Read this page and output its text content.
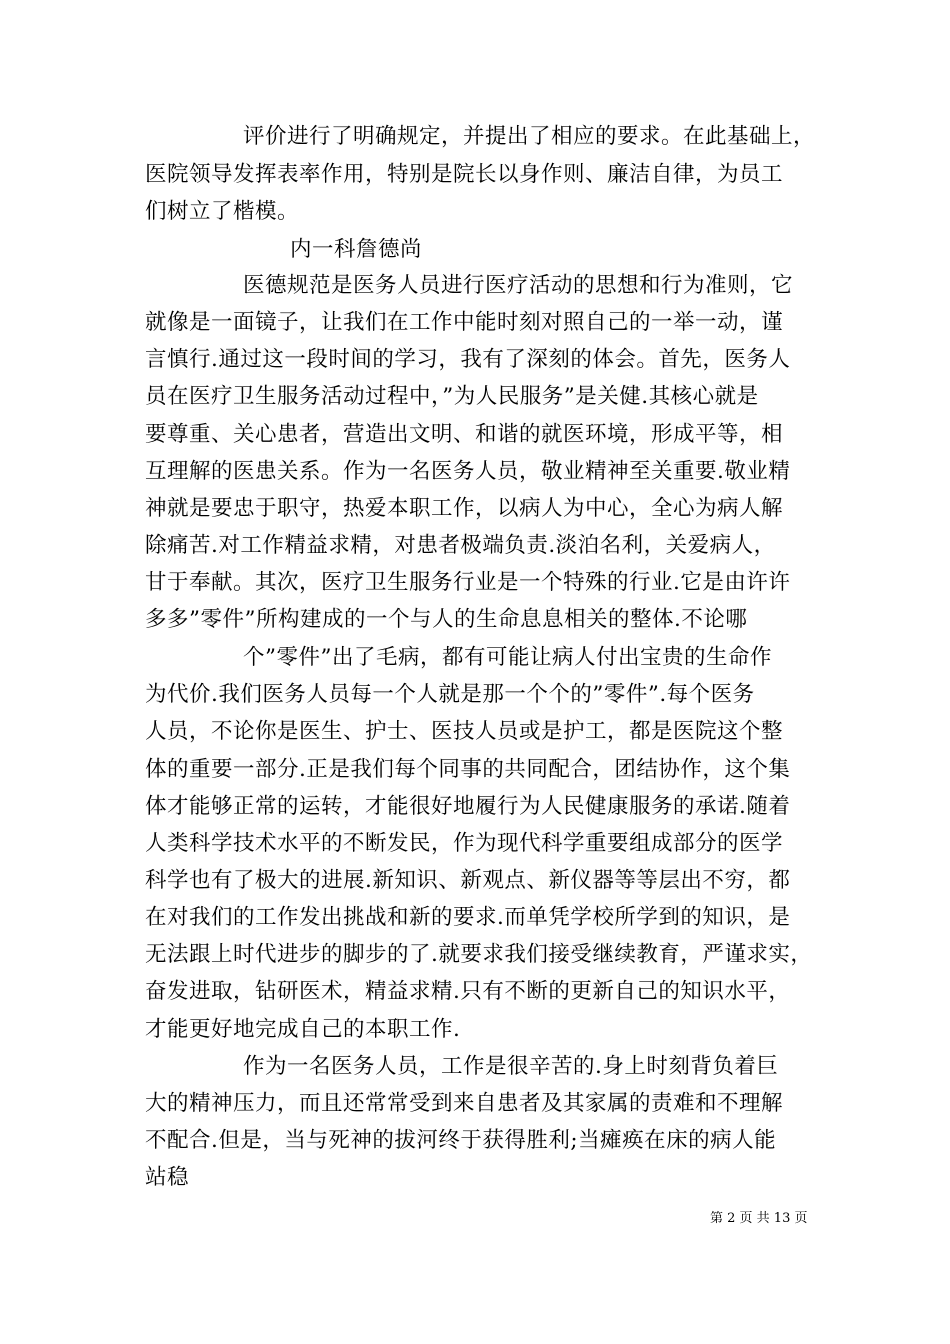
评价进行了明确规定，并提出了相应的要求。在此基础上，
医院领导发挥表率作用，特别是院长以身作则、廉洁自律，为员工
们树立了楷模。
内一科詹德尚
医德规范是医务人员进行医疗活动的思想和行为准则，它
就像是一面镜子，让我们在工作中能时刻对照自己的一举一动，谨
言慎行.通过这一段时间的学习，我有了深刻的体会。首先，医务人
员在医疗卫生服务活动过程中，”为人民服务”是关健.其核心就是
要尊重、关心患者，营造出文明、和谐的就医环境，形成平等，相
互理解的医患关系。作为一名医务人员，敬业精神至关重要.敬业精
神就是要忠于职守，热爱本职工作，以病人为中心，全心为病人解
除痛苦.对工作精益求精，对患者极端负责.淡泊名利，关爱病人，
甘于奉献。其次，医疗卫生服务行业是一个特殊的行业.它是由许许
多多”零件”所构建成的一个与人的生命息息相关的整体.不论哪
个”零件”出了毛病，都有可能让病人付出宝贵的生命作
为代价.我们医务人员每一个人就是那一个个的”零件”.每个医务
人员，不论你是医生、护士、医技人员或是护工，都是医院这个整
体的重要一部分.正是我们每个同事的共同配合，团结协作，这个集
体才能够正常的运转，才能很好地履行为人民健康服务的承诺.随着
人类科学技术水平的不断发民，作为现代科学重要组成部分的医学
科学也有了极大的进展.新知识、新观点、新仪器等等层出不穷，都
在对我们的工作发出挑战和新的要求.而单凭学校所学到的知识，是
无法跟上时代进步的脚步的了.就要求我们接受继续教育，严谨求实，
奋发进取，钻研医术，精益求精.只有不断的更新自己的知识水平，
才能更好地完成自己的本职工作.
作为一名医务人员，工作是很辛苦的.身上时刻背负着巨
大的精神压力，而且还常常受到来自患者及其家属的责难和不理解
不配合.但是，当与死神的拔河终于获得胜利;当瘫痪在床的病人能
站稳
第 2 页 共 13 页
